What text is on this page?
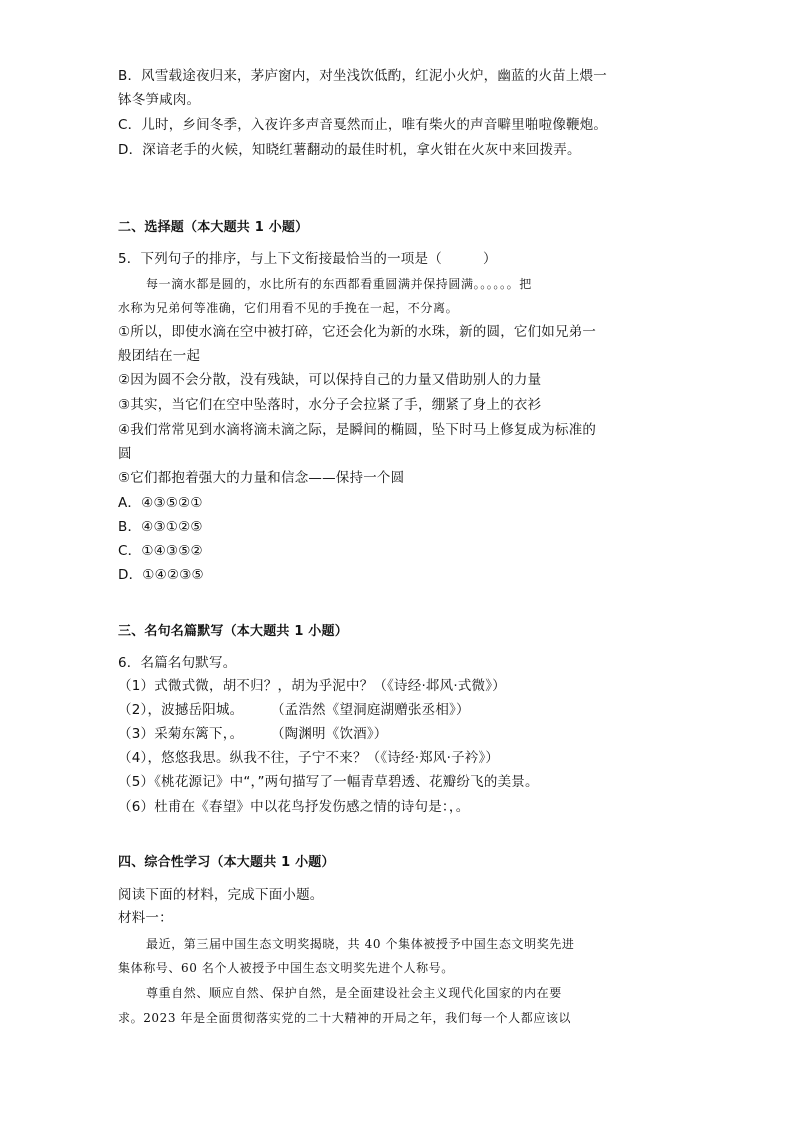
B．风雪载途夜归来，茅庐窗内，对坐浅饮低酌，红泥小火炉，幽蓝的火苗上煨一
钵冬笋咸肉。
C．儿时，乡间冬季，入夜许多声音戛然而止，唯有柴火的声音噼里啪啦像鞭炮。
D．深谙老手的火候，知晓红薯翻动的最佳时机，拿火钳在火灰中来回拨弄。
二、选择题（本大题共 1 小题）
5．下列句子的排序，与上下文衔接最恰当的一项是（　　　）
每一滴水都是圆的，水比所有的东西都看重圆满并保持圆满。。。。。。把
水称为兄弟何等准确，它们用看不见的手挽在一起，不分离。
①所以，即使水滴在空中被打碎，它还会化为新的水珠，新的圆，它们如兄弟一
般团结在一起
②因为圆不会分散，没有残缺，可以保持自己的力量又借助别人的力量
③其实，当它们在空中坠落时，水分子会拉紧了手，绷紧了身上的衣衫
④我们常常见到水滴将滴未滴之际，是瞬间的椭圆，坠下时马上修复成为标准的
圆
⑤它们都抱着强大的力量和信念——保持一个圆
A．④③⑤②①
B．④③①②⑤
C．①④③⑤②
D．①④②③⑤
三、名句名篇默写（本大题共 1 小题）
6．名篇名句默写。
（1）式微式微，胡不归？，胡为乎泥中？（《诗经·邶风·式微》）
（2），波撼岳阳城。　　　（孟浩然《望洞庭湖赠张丞相》）
（3）采菊东篱下，。　　　（陶渊明《饮酒》）
（4），悠悠我思。纵我不往，子宁不来？（《诗经·郑风·子衿》）
（5）《桃花源记》中“，”两句描写了一幅青草碧透、花瓣纷飞的美景。
（6）杜甫在《春望》中以花鸟抒发伤感之情的诗句是：，。
四、综合性学习（本大题共 1 小题）
阅读下面的材料，完成下面小题。
材料一：
最近，第三届中国生态文明奖揭晓，共 40 个集体被授予中国生态文明奖先进
集体称号、60 名个人被授予中国生态文明奖先进个人称号。
尊重自然、顺应自然、保护自然，是全面建设社会主义现代化国家的内在要
求。2023 年是全面贯彻落实党的二十大精神的开局之年，我们每一个人都应该以
